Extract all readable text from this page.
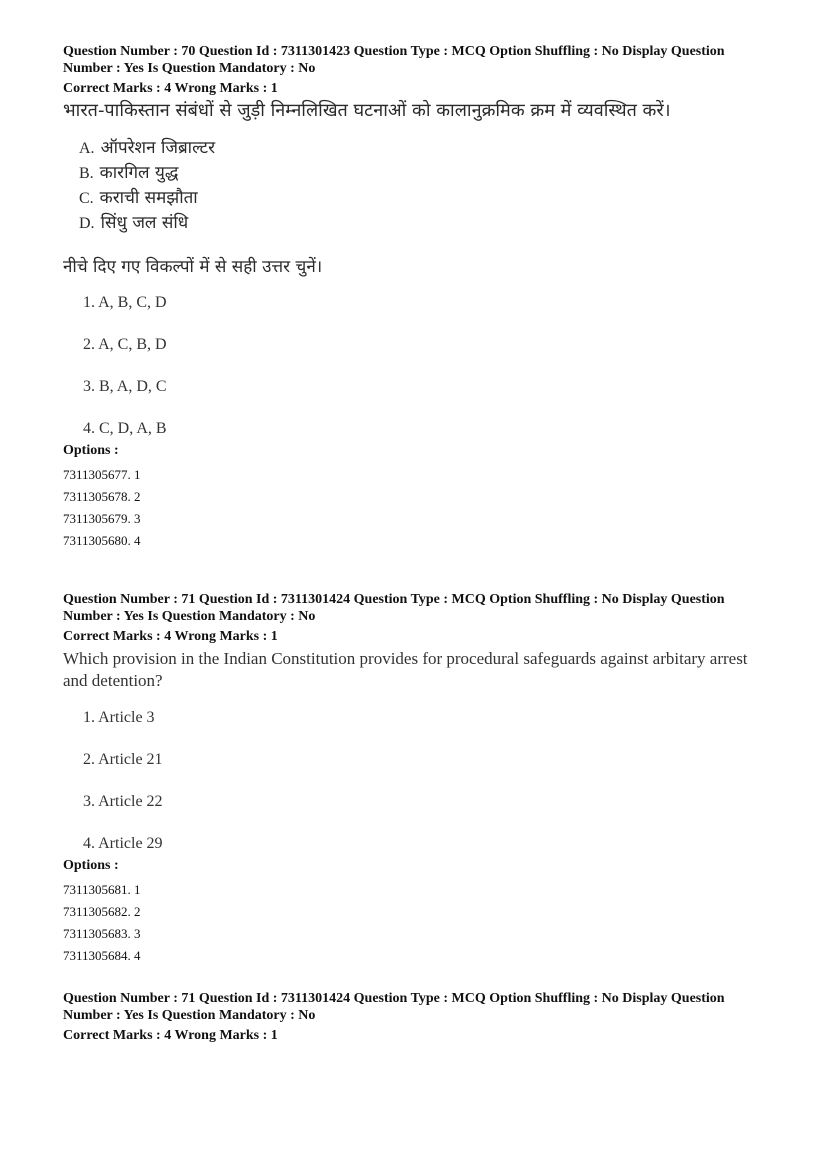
Question Number : 70 Question Id : 7311301423 Question Type : MCQ Option Shuffling : No Display Question

Number : Yes Is Question Mandatory : No

Correct Marks : 4 Wrong Marks : 1

भारत-पाकिस्तान संबंधों से जुड़ी निम्नलिखित घटनाओं को कालानुक्रमिक क्रम में व्यवस्थित करें।
A. ऑपरेशन जिब्राल्टर
B. कारगिल युद्ध
C. कराची समझौता
D. सिंधु जल संधि
नीचे दिए गए विकल्पों में से सही उत्तर चुनें।
1. A, B, C, D
2. A, C, B, D
3. B, A, D, C
4. C, D, A, B
Options :
7311305677. 1
7311305678. 2
7311305679. 3
7311305680. 4

Question Number : 71 Question Id : 7311301424 Question Type : MCQ Option Shuffling : No Display Question

Number : Yes Is Question Mandatory : No

Correct Marks : 4 Wrong Marks : 1

Which provision in the Indian Constitution provides for procedural safeguards against arbitary arrest and detention?
1. Article 3
2. Article 21
3. Article 22
4. Article 29
Options :
7311305681. 1
7311305682. 2
7311305683. 3
7311305684. 4

Question Number : 71 Question Id : 7311301424 Question Type : MCQ Option Shuffling : No Display Question

Number : Yes Is Question Mandatory : No

Correct Marks : 4 Wrong Marks : 1
